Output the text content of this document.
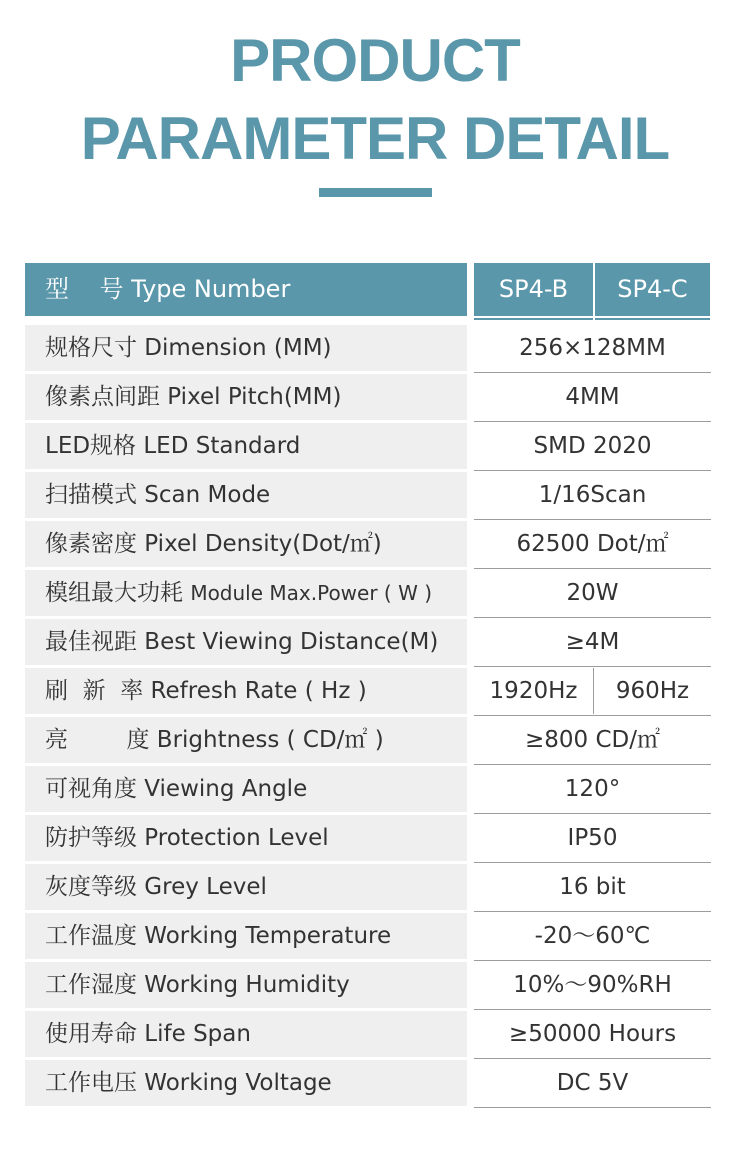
PRODUCT
PARAMETER DETAIL
型    号 Type Number	SP4-B	SP4-C
规格尺寸 Dimension (MM)	256×128MM
像素点间距 Pixel Pitch(MM)	4MM
LED规格 LED Standard	SMD 2020
扫描模式 Scan Mode	1/16Scan
像素密度 Pixel Density(Dot/㎡)	62500 Dot/㎡
模组最大功耗 Module Max.Power ( W )	20W
最佳视距 Best Viewing Distance(M)	≥4M
刷  新  率 Refresh Rate ( Hz )	1920Hz	960Hz
亮        度 Brightness ( CD/㎡ )	≥800 CD/㎡
可视角度 Viewing Angle	120°
防护等级 Protection Level	IP50
灰度等级 Grey Level	16 bit
工作温度 Working Temperature	-20～60℃
工作湿度 Working Humidity	10%～90%RH
使用寿命 Life Span	≥50000 Hours
工作电压 Working Voltage	DC 5V
